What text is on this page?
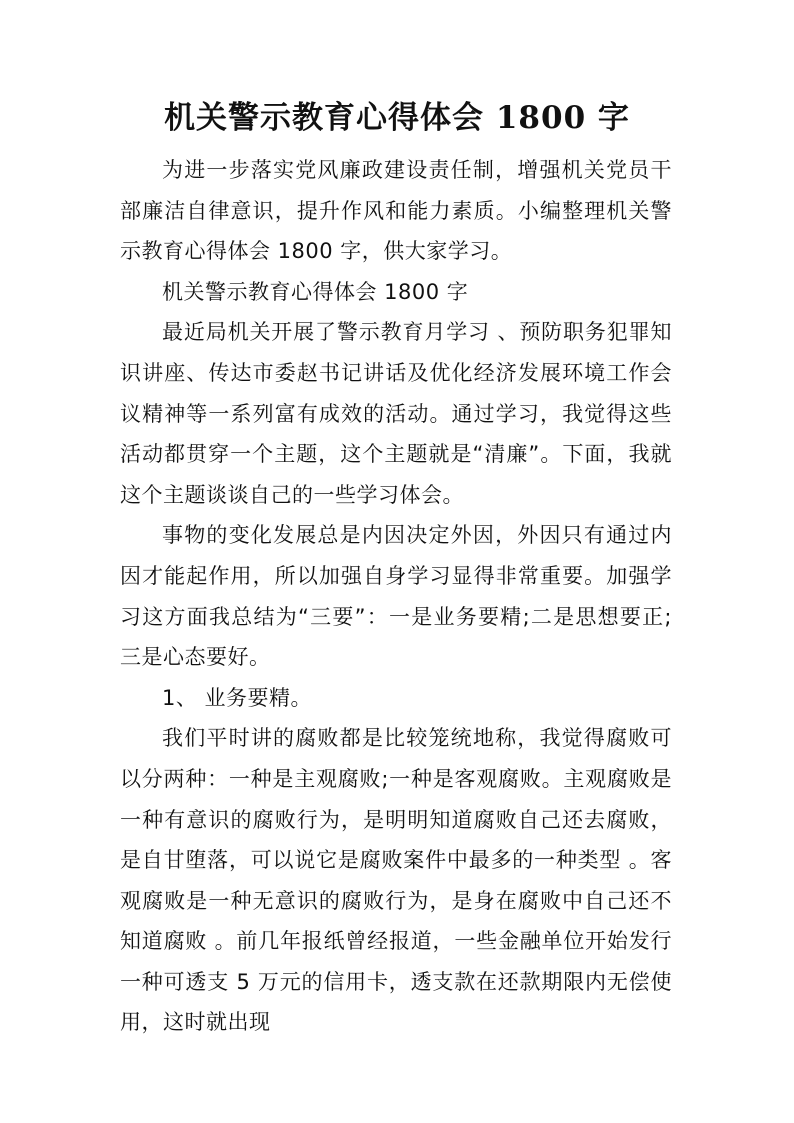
机关警示教育心得体会 1800 字

为进一步落实党风廉政建设责任制，增强机关党员干部廉洁自律意识，提升作风和能力素质。小编整理机关警示教育心得体会 1800 字，供大家学习。

机关警示教育心得体会 1800 字

最近局机关开展了警示教育月学习 、预防职务犯罪知识讲座、传达市委赵书记讲话及优化经济发展环境工作会议精神等一系列富有成效的活动。通过学习，我觉得这些活动都贯穿一个主题，这个主题就是“清廉”。下面，我就这个主题谈谈自己的一些学习体会。

事物的变化发展总是内因决定外因，外因只有通过内因才能起作用，所以加强自身学习显得非常重要。加强学习这方面我总结为“三要”：一是业务要精;二是思想要正;三是心态要好。

1、 业务要精。

我们平时讲的腐败都是比较笼统地称，我觉得腐败可以分两种：一种是主观腐败;一种是客观腐败。主观腐败是一种有意识的腐败行为，是明明知道腐败自己还去腐败，是自甘堕落，可以说它是腐败案件中最多的一种类型 。客观腐败是一种无意识的腐败行为，是身在腐败中自己还不知道腐败 。前几年报纸曾经报道，一些金融单位开始发行一种可透支 5 万元的信用卡，透支款在还款期限内无偿使用，这时就出现
